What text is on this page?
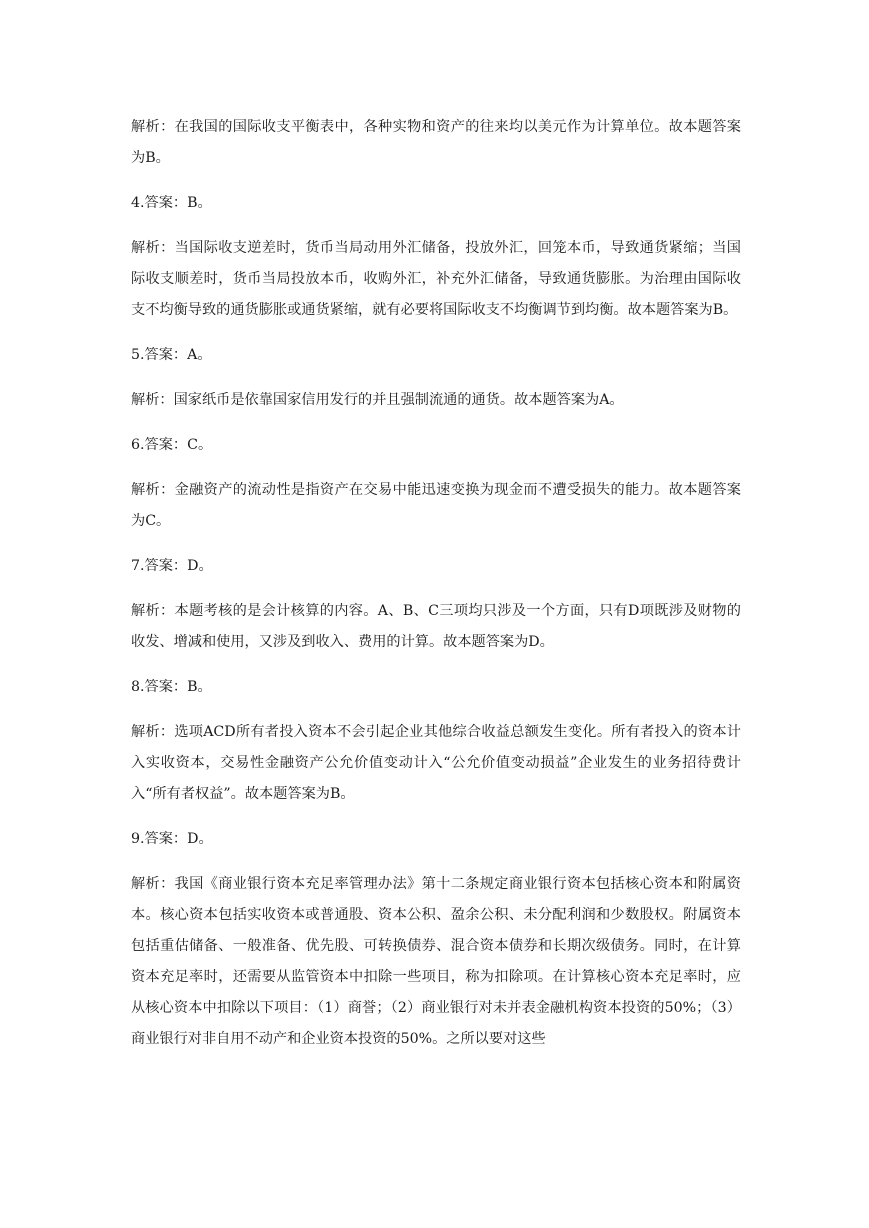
解析：在我国的国际收支平衡表中，各种实物和资产的往来均以美元作为计算单位。故本题答案为B。

4.答案：B。

解析：当国际收支逆差时，货币当局动用外汇储备，投放外汇，回笼本币，导致通货紧缩；当国际收支顺差时，货币当局投放本币，收购外汇，补充外汇储备，导致通货膨胀。为治理由国际收支不均衡导致的通货膨胀或通货紧缩，就有必要将国际收支不均衡调节到均衡。故本题答案为B。

5.答案：A。

解析：国家纸币是依靠国家信用发行的并且强制流通的通货。故本题答案为A。

6.答案：C。

解析：金融资产的流动性是指资产在交易中能迅速变换为现金而不遭受损失的能力。故本题答案为C。

7.答案：D。

解析：本题考核的是会计核算的内容。A、B、C三项均只涉及一个方面，只有D项既涉及财物的收发、增减和使用，又涉及到收入、费用的计算。故本题答案为D。

8.答案：B。

解析：选项ACD所有者投入资本不会引起企业其他综合收益总额发生变化。所有者投入的资本计入实收资本，交易性金融资产公允价值变动计入“公允价值变动损益”企业发生的业务招待费计入“所有者权益”。故本题答案为B。

9.答案：D。

解析：我国《商业银行资本充足率管理办法》第十二条规定商业银行资本包括核心资本和附属资本。核心资本包括实收资本或普通股、资本公积、盈余公积、未分配利润和少数股权。附属资本包括重估储备、一般准备、优先股、可转换债券、混合资本债券和长期次级债务。同时，在计算资本充足率时，还需要从监管资本中扣除一些项目，称为扣除项。在计算核心资本充足率时，应从核心资本中扣除以下项目：（1）商誉；（2）商业银行对未并表金融机构资本投资的50%；（3）商业银行对非自用不动产和企业资本投资的50%。之所以要对这些
